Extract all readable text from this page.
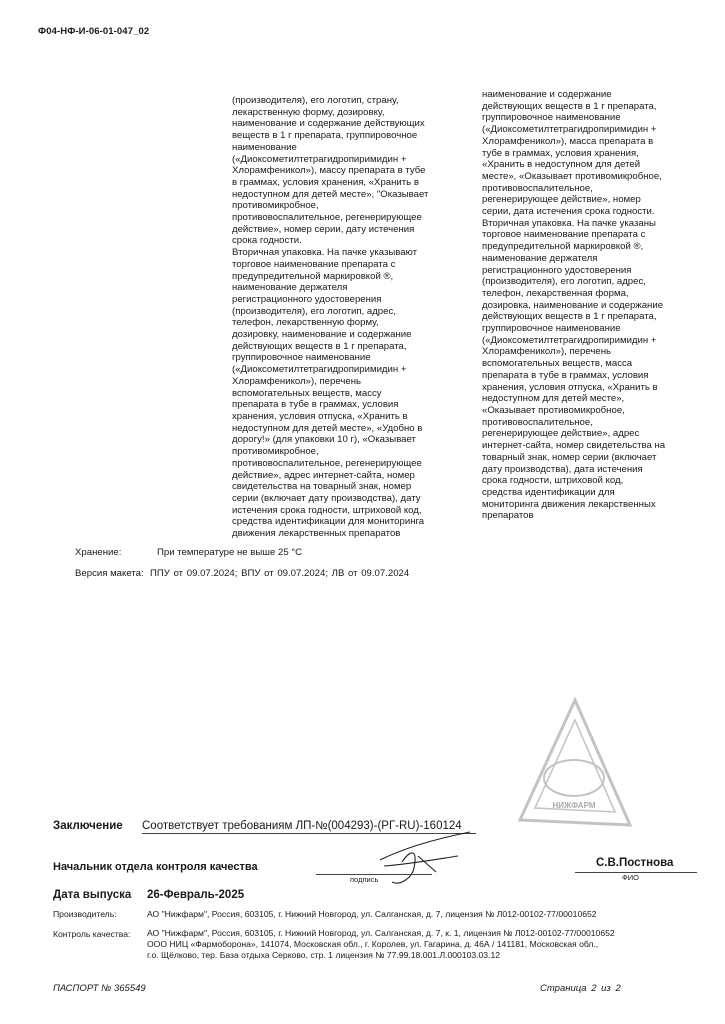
Ф04-НФ-И-06-01-047_02
(производителя), его логотип, страну,
лекарственную форму, дозировку,
наименование и содержание действующих
веществ в 1 г препарата, группировочное
наименование
(«Диоксометилтетрагидропиримидин +
Хлорамфеникол»), массу препарата в тубе
в граммах, условия хранения, «Хранить в
недоступном для детей месте», "Оказывает
противомикробное,
противовоспалительное, регенерирующее
действие», номер серии, дату истечения
срока годности.
Вторичная упаковка. На пачке указывают
торговое наименование препарата с
предупредительной маркировкой ®,
наименование держателя
регистрационного удостоверения
(производителя), его логотип, адрес,
телефон, лекарственную форму,
дозировку, наименование и содержание
действующих веществ в 1 г препарата,
группировочное наименование
(«Диоксометилтетрагидропиримидин +
Хлорамфеникол»), перечень
вспомогательных веществ, массу
препарата в тубе в граммах, условия
хранения, условия отпуска, «Хранить в
недоступном для детей месте», «Удобно в
дорогу!» (для упаковки 10 г), «Оказывает
противомикробное,
противовоспалительное, регенерирующее
действие», адрес интернет-сайта, номер
свидетельства на товарный знак, номер
серии (включает дату производства), дату
истечения срока годности, штриховой код,
средства идентификации для мониторинга
движения лекарственных препаратов
наименование и содержание
действующих веществ в 1 г препарата,
группировочное наименование
(«Диоксометилтетрагидропиримидин +
Хлорамфеникол»), масса препарата в
тубе в граммах, условия хранения,
«Хранить в недоступном для детей
месте», «Оказывает противомикробное,
противовоспалительное,
регенерирующее действие», номер
серии, дата истечения срока годности.
Вторичная упаковка. На пачке указаны
торговое наименование препарата с
предупредительной маркировкой ®,
наименование держателя
регистрационного удостоверения
(производителя), его логотип, адрес,
телефон, лекарственная форма,
дозировка, наименование и содержание
действующих веществ в 1 г препарата,
группировочное наименование
(«Диоксометилтетрагидропиримидин +
Хлорамфеникол»), перечень
вспомогательных веществ, масса
препарата в тубе в граммах, условия
хранения, условия отпуска, «Хранить в
недоступном для детей месте»,
«Оказывает противомикробное,
противовоспалительное,
регенерирующее действие», адрес
интернет-сайта, номер свидетельства на
товарный знак, номер серии (включает
дату производства), дата истечения
срока годности, штриховой код,
средства идентификации для
мониторинга движения лекарственных
препаратов
Хранение:	При температуре не выше 25 °С
Версия макета: ППУ от 09.07.2024; ВПУ от 09.07.2024; ЛВ от 09.07.2024
НИЖФАРМ
Заключение Соответствует требованиям ЛП-№(004293)-(РГ-RU)-160124
Начальник отдела контроля качества
подпись
С.В.Постнова
ФИО
Дата выпуска 26-Февраль-2025
Производитель:	АО "Нижфарм", Россия, 603105, г. Нижний Новгород, ул. Салганская, д. 7, лицензия № Л012-00102-77/00010652
Контроль качества: АО "Нижфарм", Россия, 603105, г. Нижний Новгород, ул. Салганская, д. 7, к. 1, лицензия № Л012-00102-77/00010652
ООО НИЦ «Фармоборона», 141074, Московская обл., г. Королев, ул. Гагарина, д. 46А / 141181, Московская обл.,
г.о. Щёлково, тер. База отдыха Серково, стр. 1 лицензия № 77.99.18.001.Л.000103.03.12
ПАСПОРТ № 365549	Страница 2 из 2
